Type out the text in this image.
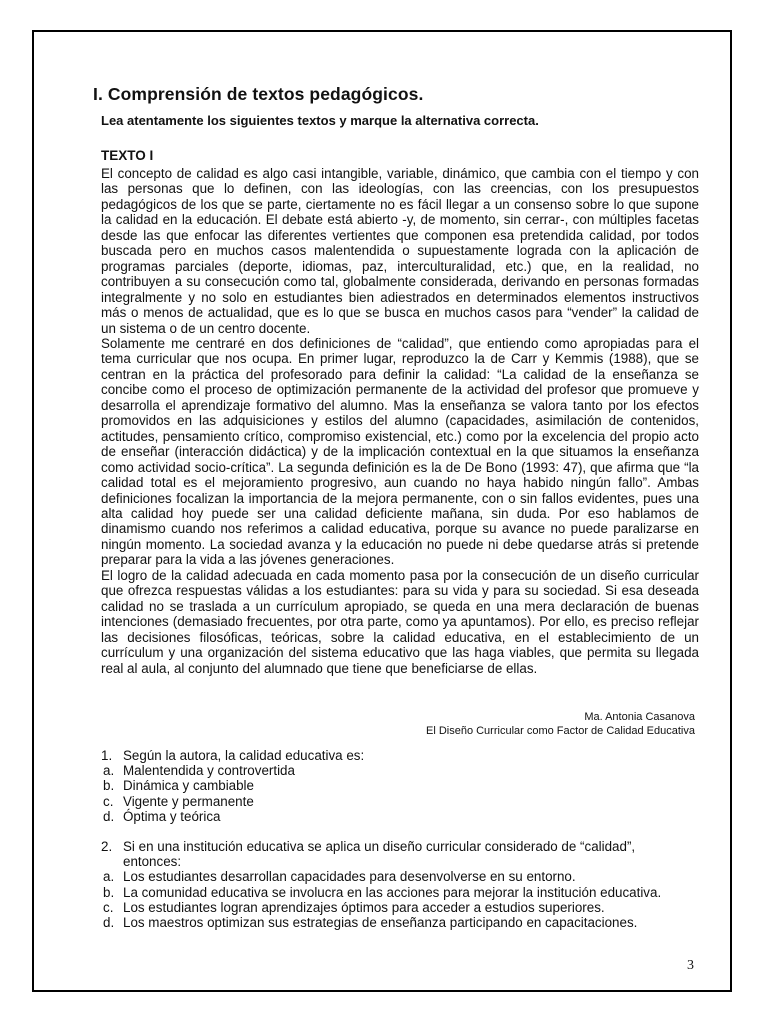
I. Comprensión de textos pedagógicos.

Lea atentamente los siguientes textos y marque la alternativa correcta.

TEXTO I

El concepto de calidad es algo casi intangible, variable, dinámico, que cambia con el tiempo y con las personas que lo definen, con las ideologías, con las creencias, con los presupuestos pedagógicos de los que se parte, ciertamente no es fácil llegar a un consenso sobre lo que supone la calidad en la educación. El debate está abierto -y, de momento, sin cerrar-, con múltiples facetas desde las que enfocar las diferentes vertientes que componen esa pretendida calidad, por todos buscada pero en muchos casos malentendida o supuestamente lograda con la aplicación de programas parciales (deporte, idiomas, paz, interculturalidad, etc.) que, en la realidad, no contribuyen a su consecución como tal, globalmente considerada, derivando en personas formadas integralmente y no solo en estudiantes bien adiestrados en determinados elementos instructivos más o menos de actualidad, que es lo que se busca en muchos casos para “vender” la calidad de un sistema o de un centro docente.

Solamente me centraré en dos definiciones de “calidad”, que entiendo como apropiadas para el tema curricular que nos ocupa. En primer lugar, reproduzco la de Carr y Kemmis (1988), que se centran en la práctica del profesorado para definir la calidad: “La calidad de la enseñanza se concibe como el proceso de optimización permanente de la actividad del profesor que promueve y desarrolla el aprendizaje formativo del alumno. Mas la enseñanza se valora tanto por los efectos promovidos en las adquisiciones y estilos del alumno (capacidades, asimilación de contenidos, actitudes, pensamiento crítico, compromiso existencial, etc.) como por la excelencia del propio acto de enseñar (interacción didáctica) y de la implicación contextual en la que situamos la enseñanza como actividad socio-crítica”. La segunda definición es la de De Bono (1993: 47), que afirma que “la calidad total es el mejoramiento progresivo, aun cuando no haya habido ningún fallo”. Ambas definiciones focalizan la importancia de la mejora permanente, con o sin fallos evidentes, pues una alta calidad hoy puede ser una calidad deficiente mañana, sin duda. Por eso hablamos de dinamismo cuando nos referimos a calidad educativa, porque su avance no puede paralizarse en ningún momento. La sociedad avanza y la educación no puede ni debe quedarse atrás si pretende preparar para la vida a las jóvenes generaciones.

El logro de la calidad adecuada en cada momento pasa por la consecución de un diseño curricular que ofrezca respuestas válidas a los estudiantes: para su vida y para su sociedad. Si esa deseada calidad no se traslada a un currículum apropiado, se queda en una mera declaración de buenas intenciones (demasiado frecuentes, por otra parte, como ya apuntamos). Por ello, es preciso reflejar las decisiones filosóficas, teóricas, sobre la calidad educativa, en el establecimiento de un currículum y una organización del sistema educativo que las haga viables, que permita su llegada real al aula, al conjunto del alumnado que tiene que beneficiarse de ellas.

Ma. Antonia Casanova
El Diseño Curricular como Factor de Calidad Educativa

1. Según la autora, la calidad educativa es:

a. Malentendida y controvertida
b. Dinámica y cambiable
c. Vigente y permanente
d. Óptima y teórica

2. Si en una institución educativa se aplica un diseño curricular considerado de “calidad”,
entonces:

a. Los estudiantes desarrollan capacidades para desenvolverse en su entorno.
b. La comunidad educativa se involucra en las acciones para mejorar la institución educativa.
c. Los estudiantes logran aprendizajes óptimos para acceder a estudios superiores.
d. Los maestros optimizan sus estrategias de enseñanza participando en capacitaciones.
3
